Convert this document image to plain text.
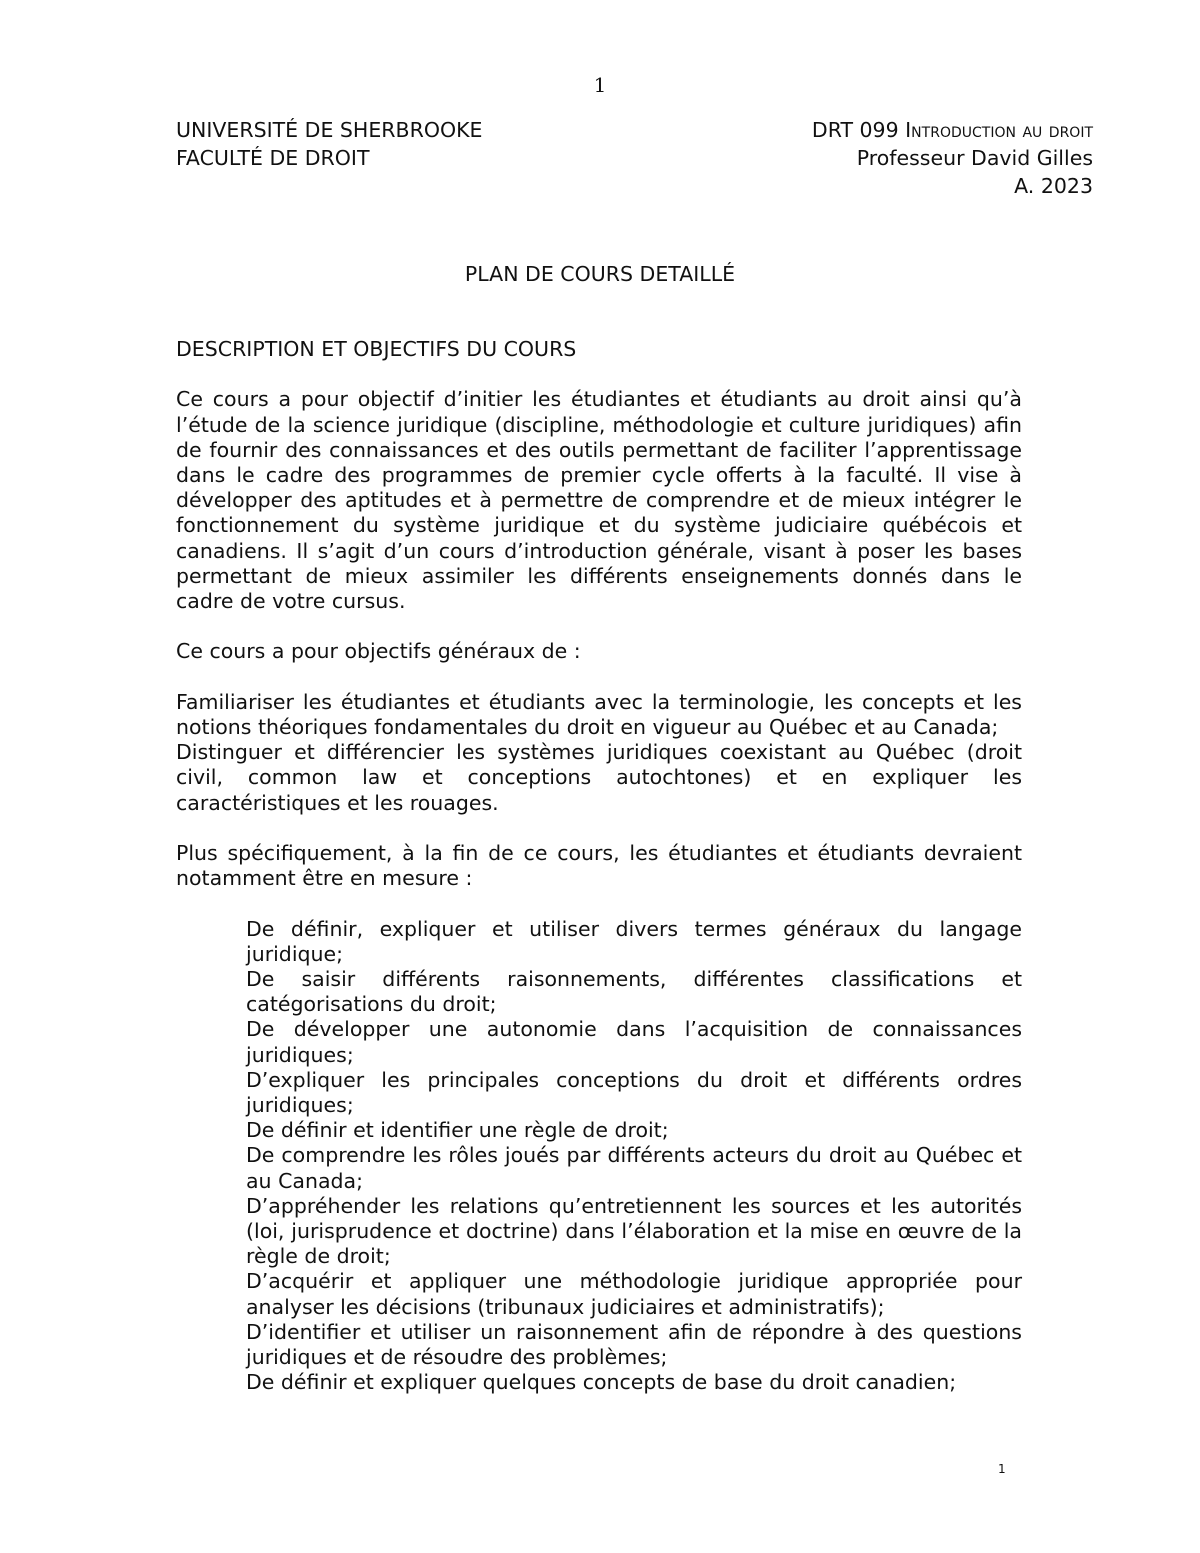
1
UNIVERSITÉ DE SHERBROOKE
FACULTÉ DE DROIT
DRT 099 Introduction au droit
Professeur David Gilles
A. 2023
PLAN DE COURS DETAILLÉ
DESCRIPTION ET OBJECTIFS DU COURS

Ce cours a pour objectif d’initier les étudiantes et étudiants au droit ainsi qu’à l’étude de la science juridique (discipline, méthodologie et culture juridiques) afin de fournir des connaissances et des outils permettant de faciliter l’apprentissage dans le cadre des programmes de premier cycle offerts à la faculté. Il vise à développer des aptitudes et à permettre de comprendre et de mieux intégrer le fonctionnement du système juridique et du système judiciaire québécois et canadiens. Il s’agit d’un cours d’introduction générale, visant à poser les bases permettant de mieux assimiler les différents enseignements donnés dans le cadre de votre cursus.

Ce cours a pour objectifs généraux de :

Familiariser les étudiantes et étudiants avec la terminologie, les concepts et les notions théoriques fondamentales du droit en vigueur au Québec et au Canada;

Distinguer et différencier les systèmes juridiques coexistant au Québec (droit civil, common law et conceptions autochtones) et en expliquer les caractéristiques et les rouages.

Plus spécifiquement, à la fin de ce cours, les étudiantes et étudiants devraient notamment être en mesure :

De définir, expliquer et utiliser divers termes généraux du langage juridique;
De saisir différents raisonnements, différentes classifications et catégorisations du droit;
De développer une autonomie dans l’acquisition de connaissances juridiques;
D’expliquer les principales conceptions du droit et différents ordres juridiques;
De définir et identifier une règle de droit;
De comprendre les rôles joués par différents acteurs du droit au Québec et au Canada;
D’appréhender les relations qu’entretiennent les sources et les autorités (loi, jurisprudence et doctrine) dans l’élaboration et la mise en œuvre de la règle de droit;
D’acquérir et appliquer une méthodologie juridique appropriée pour analyser les décisions (tribunaux judiciaires et administratifs);
D’identifier et utiliser un raisonnement afin de répondre à des questions juridiques et de résoudre des problèmes;
De définir et expliquer quelques concepts de base du droit canadien;
1
